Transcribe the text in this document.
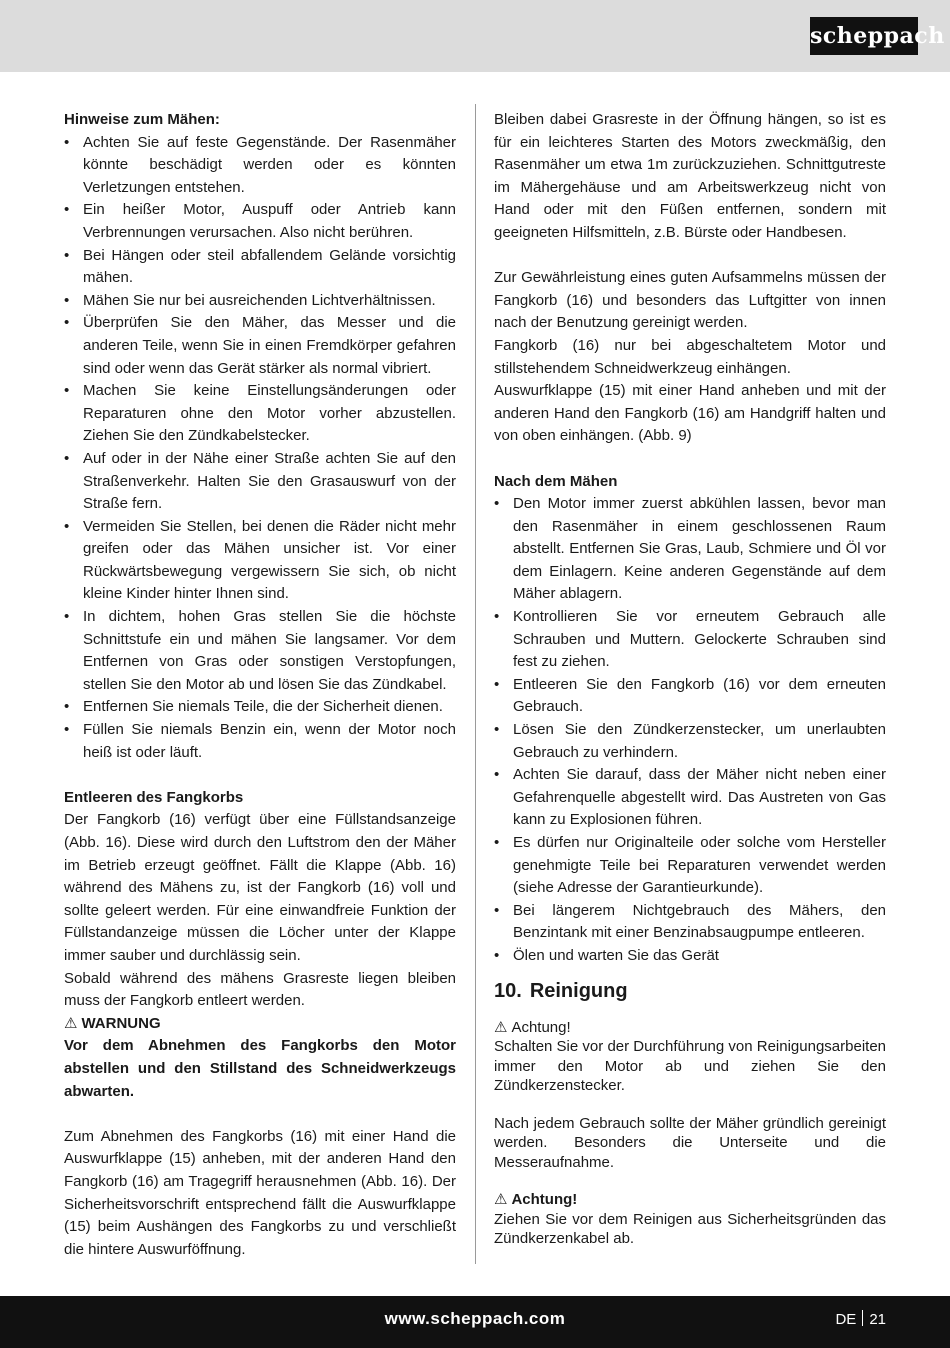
scheppach

Hinweise zum Mähen:

• Achten Sie auf feste Gegenstände. Der Rasenmäher könnte beschädigt werden oder es könnten Verletzungen entstehen.
• Ein heißer Motor, Auspuff oder Antrieb kann Verbrennungen verursachen. Also nicht berühren.
• Bei Hängen oder steil abfallendem Gelände vorsichtig mähen.
• Mähen Sie nur bei ausreichenden Lichtverhältnissen.
• Überprüfen Sie den Mäher, das Messer und die anderen Teile, wenn Sie in einen Fremdkörper gefahren sind oder wenn das Gerät stärker als normal vibriert.
• Machen Sie keine Einstellungsänderungen oder Reparaturen ohne den Motor vorher abzustellen. Ziehen Sie den Zündkabelstecker.
• Auf oder in der Nähe einer Straße achten Sie auf den Straßenverkehr. Halten Sie den Grasauswurf von der Straße fern.
• Vermeiden Sie Stellen, bei denen die Räder nicht mehr greifen oder das Mähen unsicher ist. Vor einer Rückwärtsbewegung vergewissern Sie sich, ob nicht kleine Kinder hinter Ihnen sind.
• In dichtem, hohen Gras stellen Sie die höchste Schnittstufe ein und mähen Sie langsamer. Vor dem Entfernen von Gras oder sonstigen Verstopfungen, stellen Sie den Motor ab und lösen Sie das Zündkabel.
• Entfernen Sie niemals Teile, die der Sicherheit dienen.
• Füllen Sie niemals Benzin ein, wenn der Motor noch heiß ist oder läuft.

Entleeren des Fangkorbs

Der Fangkorb (16) verfügt über eine Füllstandsanzeige (Abb. 16). Diese wird durch den Luftstrom den der Mäher im Betrieb erzeugt geöffnet. Fällt die Klappe (Abb. 16) während des Mähens zu, ist der Fangkorb (16) voll und sollte geleert werden. Für eine einwandfreie Funktion der Füllstandanzeige müssen die Löcher unter der Klappe immer sauber und durchlässig sein.

Sobald während des mähens Grasreste liegen bleiben muss der Fangkorb entleert werden.

⚠ WARNUNG

Vor dem Abnehmen des Fangkorbs den Motor abstellen und den Stillstand des Schneidwerkzeugs abwarten.

Zum Abnehmen des Fangkorbs (16) mit einer Hand die Auswurfklappe (15) anheben, mit der anderen Hand den Fangkorb (16) am Tragegriff herausnehmen (Abb. 16). Der Sicherheitsvorschrift entsprechend fällt die Auswurfklappe (15) beim Aushängen des Fangkorbs zu und verschließt die hintere Auswurföffnung.

Bleiben dabei Grasreste in der Öffnung hängen, so ist es für ein leichteres Starten des Motors zweckmäßig, den Rasenmäher um etwa 1m zurückzuziehen. Schnittgutreste im Mähergehäuse und am Arbeitswerkzeug nicht von Hand oder mit den Füßen entfernen, sondern mit geeigneten Hilfsmitteln, z.B. Bürste oder Handbesen.

Zur Gewährleistung eines guten Aufsammelns müssen der Fangkorb (16) und besonders das Luftgitter von innen nach der Benutzung gereinigt werden.

Fangkorb (16) nur bei abgeschaltetem Motor und stillstehendem Schneidwerkzeug einhängen.

Auswurfklappe (15) mit einer Hand anheben und mit der anderen Hand den Fangkorb (16) am Handgriff halten und von oben einhängen. (Abb. 9)

Nach dem Mähen

• Den Motor immer zuerst abkühlen lassen, bevor man den Rasenmäher in einem geschlossenen Raum abstellt. Entfernen Sie Gras, Laub, Schmiere und Öl vor dem Einlagern. Keine anderen Gegenstände auf dem Mäher ablagern.
• Kontrollieren Sie vor erneutem Gebrauch alle Schrauben und Muttern. Gelockerte Schrauben sind fest zu ziehen.
• Entleeren Sie den Fangkorb (16) vor dem erneuten Gebrauch.
• Lösen Sie den Zündkerzenstecker, um unerlaubten Gebrauch zu verhindern.
• Achten Sie darauf, dass der Mäher nicht neben einer Gefahrenquelle abgestellt wird. Das Austreten von Gas kann zu Explosionen führen.
• Es dürfen nur Originalteile oder solche vom Hersteller genehmigte Teile bei Reparaturen verwendet werden (siehe Adresse der Garantieurkunde).
• Bei längerem Nichtgebrauch des Mähers, den Benzintank mit einer Benzinabsaugpumpe entleeren.
• Ölen und warten Sie das Gerät
10. Reinigung

⚠ Achtung!

Schalten Sie vor der Durchführung von Reinigungsarbeiten immer den Motor ab und ziehen Sie den Zündkerzenstecker.

Nach jedem Gebrauch sollte der Mäher gründlich gereinigt werden. Besonders die Unterseite und die Messeraufnahme.

⚠ Achtung!

Ziehen Sie vor dem Reinigen aus Sicherheitsgründen das Zündkerzenkabel ab.

www.scheppach.com	DE 21
